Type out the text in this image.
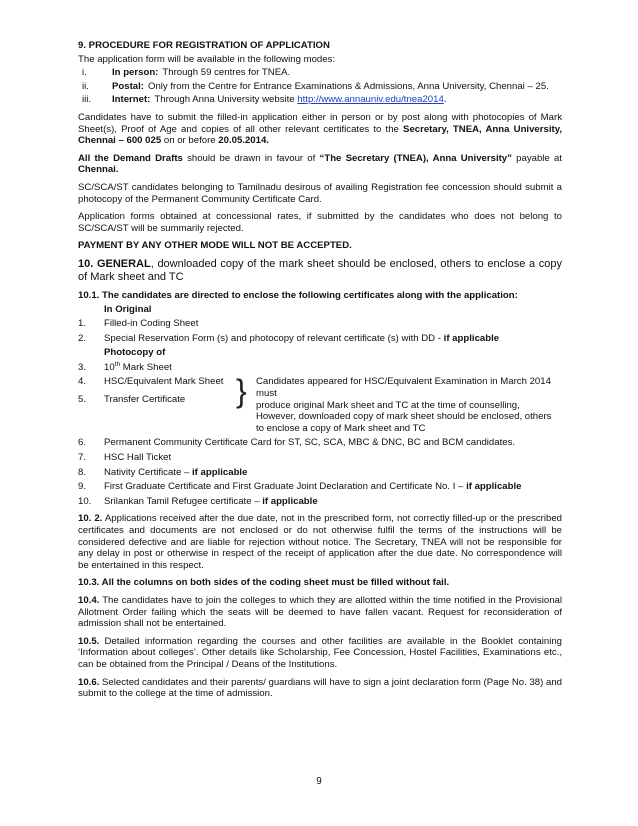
9. PROCEDURE FOR REGISTRATION OF APPLICATION
The application form will be available in the following modes:
i.	In person: Through 59 centres for TNEA.
ii.	Postal: Only from the Centre for Entrance Examinations & Admissions, Anna University, Chennai – 25.
iii.	Internet: Through Anna University website http://www.annauniv.edu/tnea2014.

Candidates have to submit the filled-in application either in person or by post along with photocopies of Mark Sheet(s), Proof of Age and copies of all other relevant certificates to the Secretary, TNEA, Anna University, Chennai – 600 025 on or before 20.05.2014.

All the Demand Drafts should be drawn in favour of “The Secretary (TNEA), Anna University” payable at Chennai.

SC/SCA/ST candidates belonging to Tamilnadu desirous of availing Registration fee concession should submit a photocopy of the Permanent Community Certificate Card.

Application forms obtained at concessional rates, if submitted by the candidates who does not belong to SC/SCA/ST will be summarily rejected.

PAYMENT BY ANY OTHER MODE WILL NOT BE ACCEPTED.

10. GENERAL, downloaded copy of the mark sheet should be enclosed, others to enclose a copy of Mark sheet and TC

10.1. The candidates are directed to enclose the following certificates along with the application:
In Original
1.	Filled-in Coding Sheet
2.	Special Reservation Form (s) and photocopy of relevant certificate (s) with DD - if applicable
Photocopy of
3.	10th Mark Sheet
4.	HSC/Equivalent Mark Sheet
5.	Transfer Certificate	} Candidates appeared for HSC/Equivalent Examination in March 2014 must
produce original Mark sheet and TC at the time of counselling, However, downloaded copy of mark sheet should be enclosed, others to enclose a copy of Mark sheet and TC
6.	Permanent Community Certificate Card for ST, SC, SCA, MBC & DNC, BC and BCM candidates.
7.	HSC Hall Ticket
8.	Nativity Certificate – if applicable
9.	First Graduate Certificate and First Graduate Joint Declaration and Certificate No. I – if applicable
10.	Srilankan Tamil Refugee certificate – if applicable

10. 2. Applications received after the due date, not in the prescribed form, not correctly filled-up or the prescribed certificates and documents are not enclosed or do not otherwise fulfil the terms of the instructions will be considered defective and are liable for rejection without notice. The Secretary, TNEA will not be responsible for any delay in post or otherwise in respect of the receipt of application after the due date. No correspondence will be entertained in this respect.

10.3. All the columns on both sides of the coding sheet must be filled without fail.

10.4. The candidates have to join the colleges to which they are allotted within the time notified in the Provisional Allotment Order failing which the seats will be deemed to have fallen vacant. Request for reconsideration of admission shall not be entertained.

10.5. Detailed information regarding the courses and other facilities are available in the Booklet containing ‘Information about colleges’. Other details like Scholarship, Fee Concession, Hostel Facilities, Examinations etc., can be obtained from the Principal / Deans of the Institutions.

10.6. Selected candidates and their parents/ guardians will have to sign a joint declaration form (Page No. 38) and submit to the college at the time of admission.

9
